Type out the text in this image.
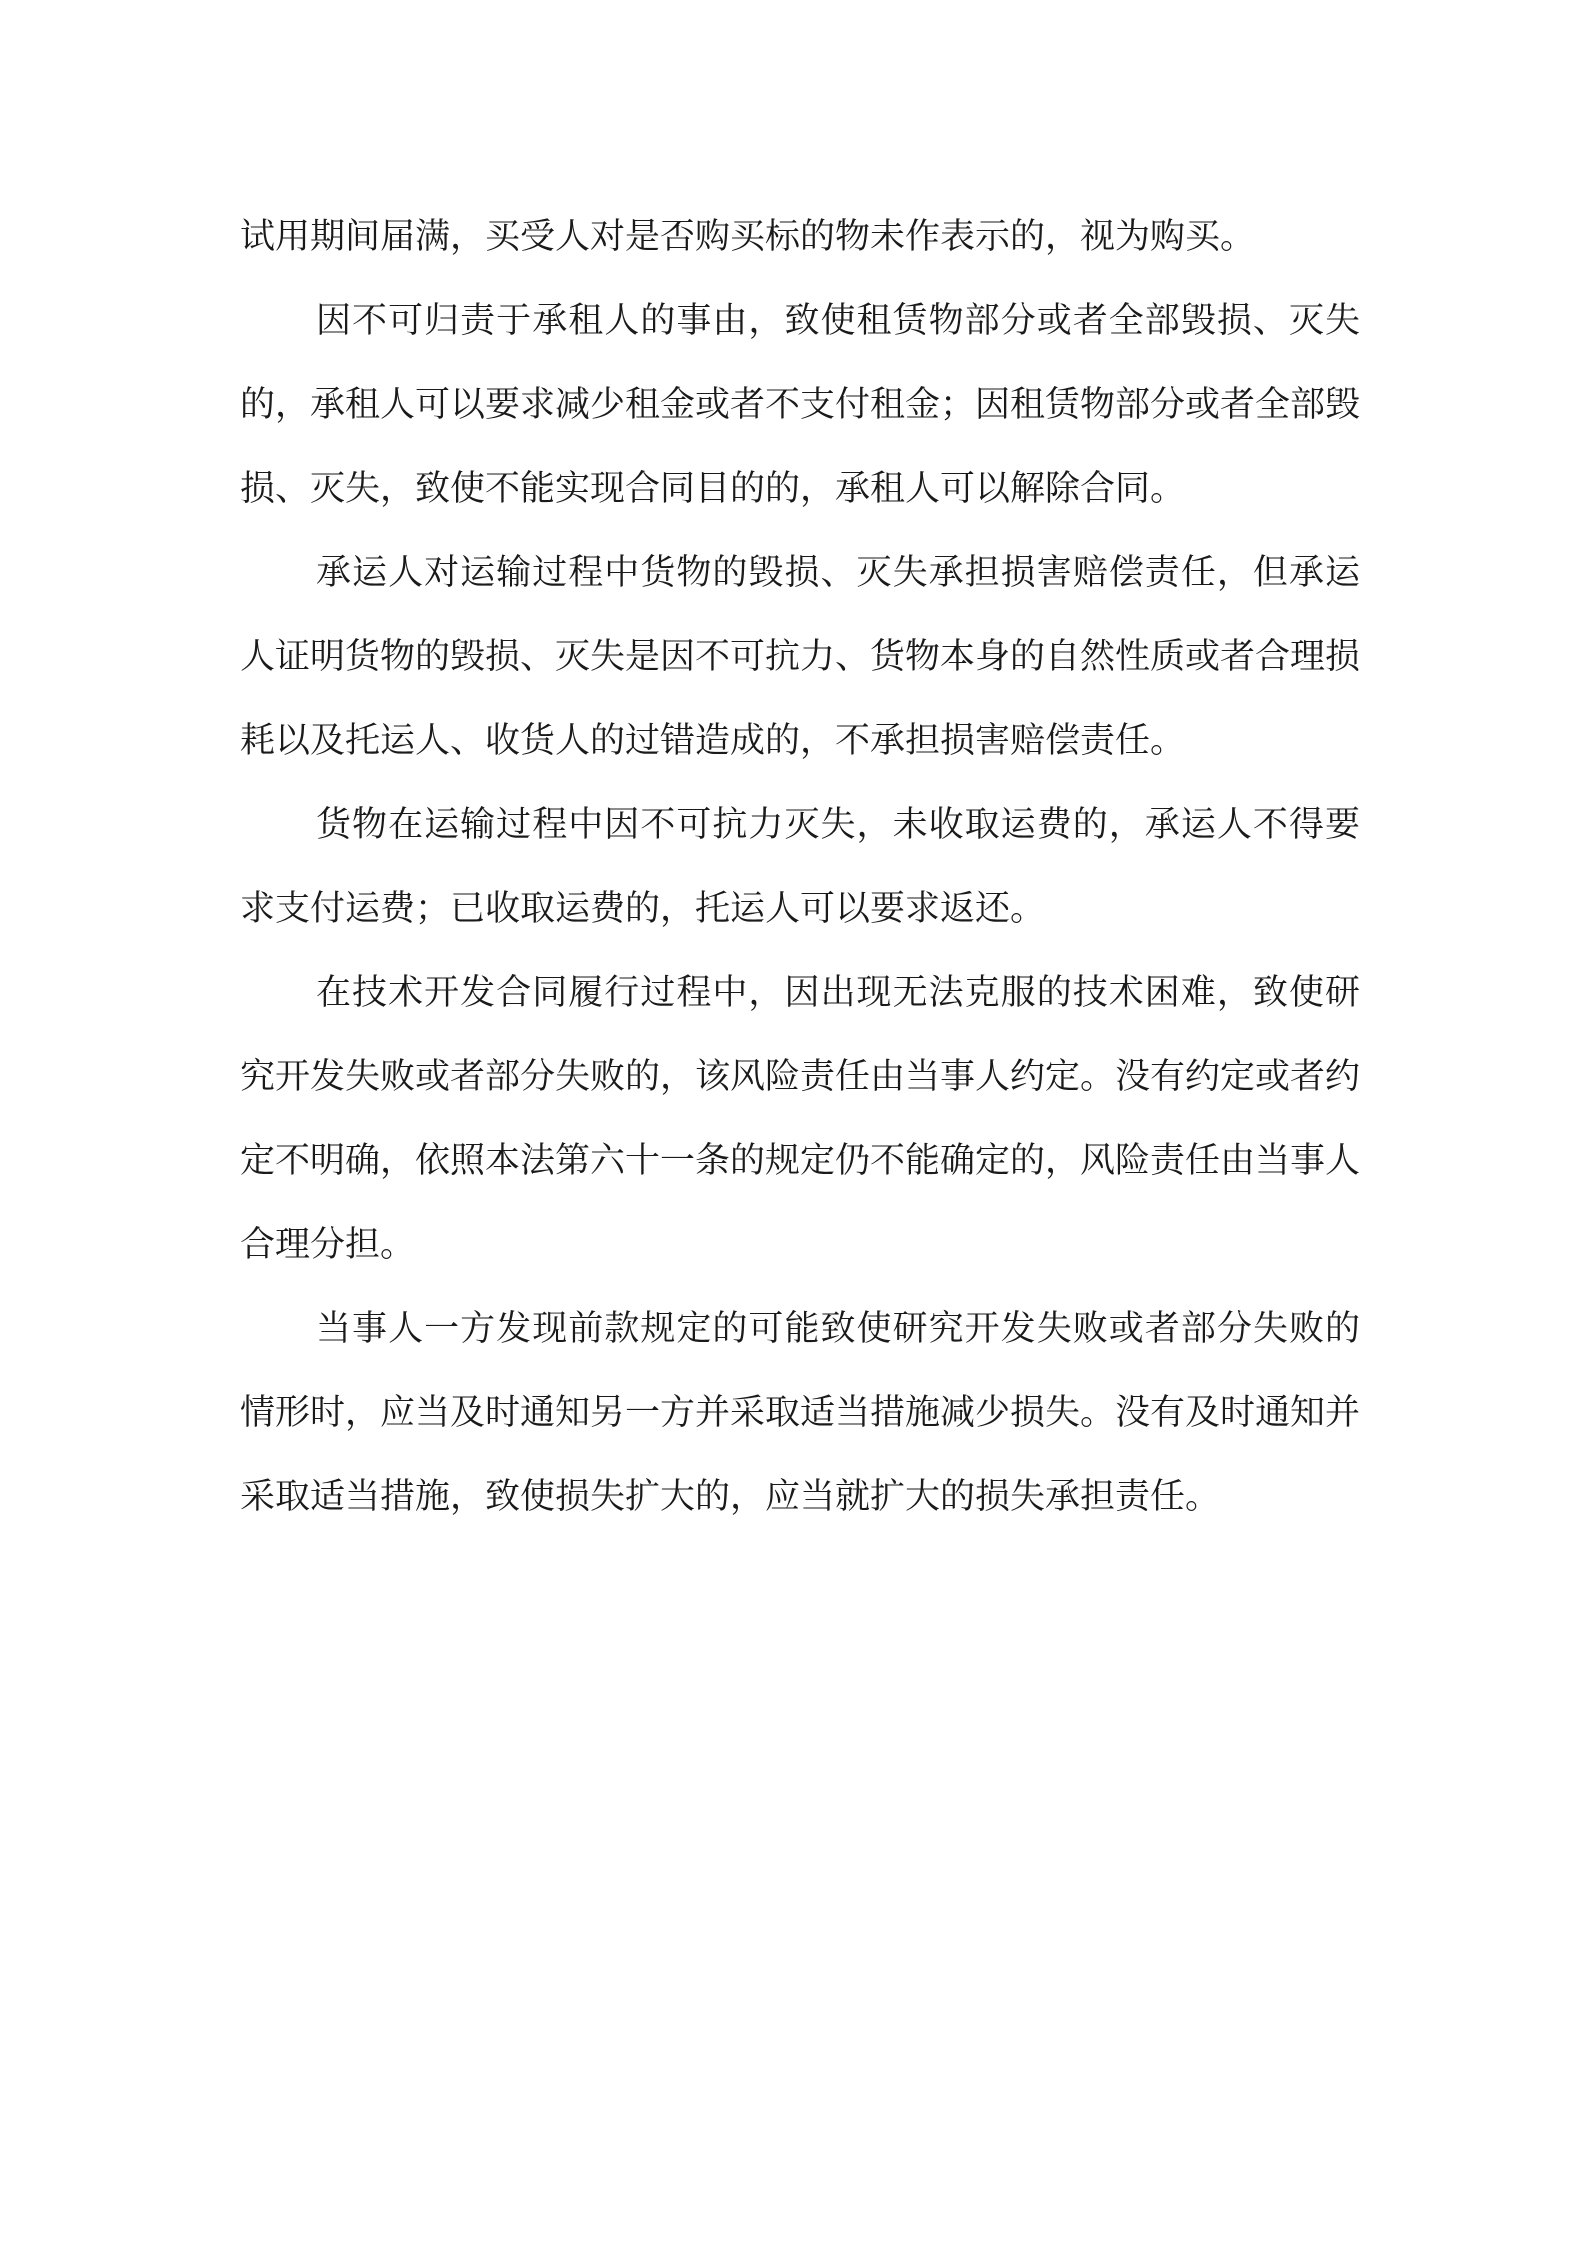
试用期间届满，买受人对是否购买标的物未作表示的，视为购买。

因不可归责于承租人的事由，致使租赁物部分或者全部毁损、灭失的，承租人可以要求减少租金或者不支付租金；因租赁物部分或者全部毁损、灭失，致使不能实现合同目的的，承租人可以解除合同。

承运人对运输过程中货物的毁损、灭失承担损害赔偿责任，但承运人证明货物的毁损、灭失是因不可抗力、货物本身的自然性质或者合理损耗以及托运人、收货人的过错造成的，不承担损害赔偿责任。

货物在运输过程中因不可抗力灭失，未收取运费的，承运人不得要求支付运费；已收取运费的，托运人可以要求返还。

在技术开发合同履行过程中，因出现无法克服的技术困难，致使研究开发失败或者部分失败的，该风险责任由当事人约定。没有约定或者约定不明确，依照本法第六十一条的规定仍不能确定的，风险责任由当事人合理分担。

当事人一方发现前款规定的可能致使研究开发失败或者部分失败的情形时，应当及时通知另一方并采取适当措施减少损失。没有及时通知并采取适当措施，致使损失扩大的，应当就扩大的损失承担责任。
